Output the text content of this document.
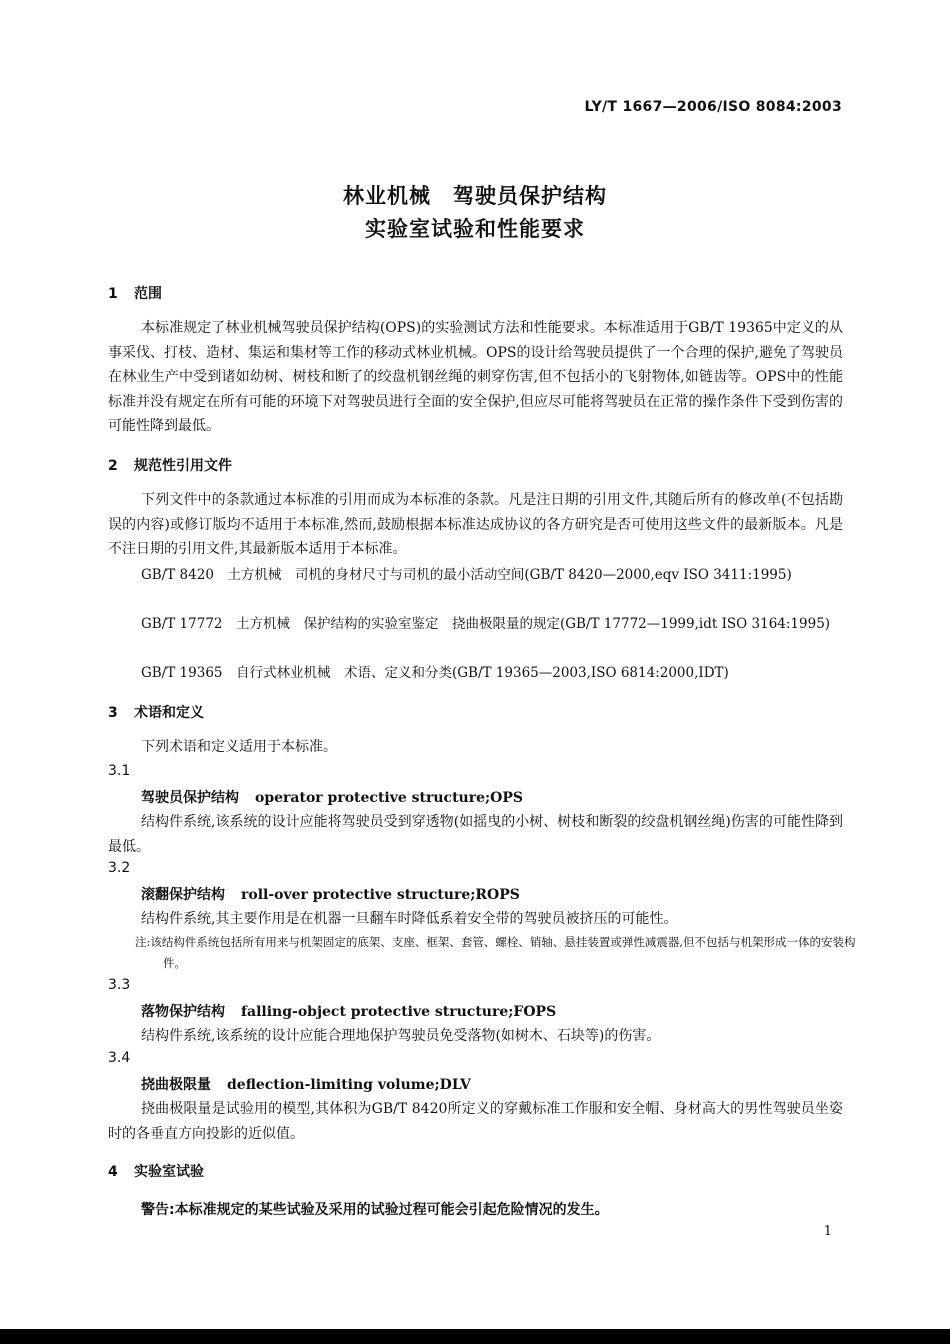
LY/T 1667—2006/ISO 8084:2003
林业机械　驾驶员保护结构
实验室试验和性能要求
1 范围
本标准规定了林业机械驾驶员保护结构(OPS)的实验测试方法和性能要求。本标准适用于GB/T 19365中定义的从事采伐、打枝、造材、集运和集材等工作的移动式林业机械。OPS的设计给驾驶员提供了一个合理的保护,避免了驾驶员在林业生产中受到诸如幼树、树枝和断了的绞盘机钢丝绳的刺穿伤害,但不包括小的飞射物体,如链齿等。OPS中的性能标准并没有规定在所有可能的环境下对驾驶员进行全面的安全保护,但应尽可能将驾驶员在正常的操作条件下受到伤害的可能性降到最低。
2 规范性引用文件
下列文件中的条款通过本标准的引用而成为本标准的条款。凡是注日期的引用文件,其随后所有的修改单(不包括勘误的内容)或修订版均不适用于本标准,然而,鼓励根据本标准达成协议的各方研究是否可使用这些文件的最新版本。凡是不注日期的引用文件,其最新版本适用于本标准。
GB/T 8420　土方机械　司机的身材尺寸与司机的最小活动空间(GB/T 8420—2000,eqv ISO 3411:1995)
GB/T 17772　土方机械　保护结构的实验室鉴定　挠曲极限量的规定(GB/T 17772—1999,idt ISO 3164:1995)
GB/T 19365　自行式林业机械　术语、定义和分类(GB/T 19365—2003,ISO 6814:2000,IDT)
3 术语和定义
下列术语和定义适用于本标准。
3.1
驾驶员保护结构 operator protective structure;OPS
结构件系统,该系统的设计应能将驾驶员受到穿透物(如摇曳的小树、树枝和断裂的绞盘机钢丝绳)伤害的可能性降到最低。
3.2
滚翻保护结构 roll-over protective structure;ROPS
结构件系统,其主要作用是在机器一旦翻车时降低系着安全带的驾驶员被挤压的可能性。
注:该结构件系统包括所有用来与机架固定的底架、支座、框架、套管、螺栓、销轴、悬挂装置或弹性减震器,但不包括与机架形成一体的安装构件。
3.3
落物保护结构 falling-object protective structure;FOPS
结构件系统,该系统的设计应能合理地保护驾驶员免受落物(如树木、石块等)的伤害。
3.4
挠曲极限量 deflection-limiting volume;DLV
挠曲极限量是试验用的模型,其体积为GB/T 8420所定义的穿戴标准工作服和安全帽、身材高大的男性驾驶员坐姿时的各垂直方向投影的近似值。
4 实验室试验
警告:本标准规定的某些试验及采用的试验过程可能会引起危险情况的发生。
1
